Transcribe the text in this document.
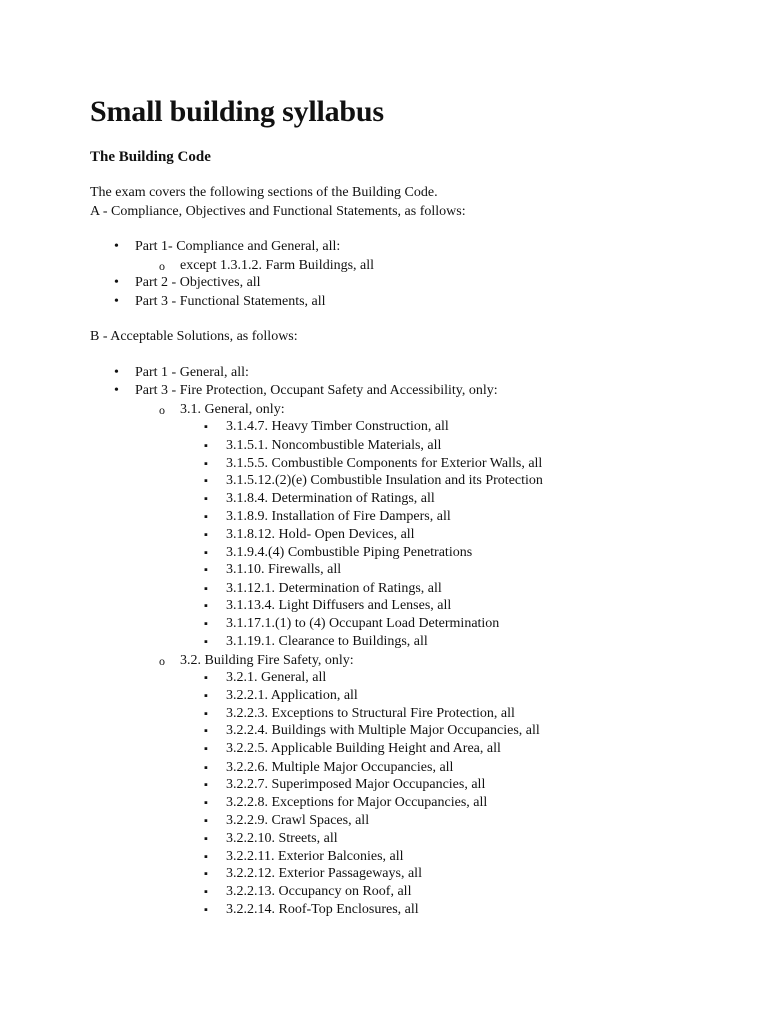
Small building syllabus
The Building Code
The exam covers the following sections of the Building Code.
A - Compliance, Objectives and Functional Statements, as follows:
•
Part 1- Compliance and General, all:
o
except 1.3.1.2. Farm Buildings, all
•
Part 2 - Objectives, all
•
Part 3 - Functional Statements, all
B - Acceptable Solutions, as follows:
•
Part 1 - General, all:
•
Part 3 - Fire Protection, Occupant Safety and Accessibility, only:
o
3.1. General, only:
▪
3.1.4.7. Heavy Timber Construction, all
▪
3.1.5.1. Noncombustible Materials, all
▪
3.1.5.5. Combustible Components for Exterior Walls, all
▪
3.1.5.12.(2)(e) Combustible Insulation and its Protection
▪
3.1.8.4. Determination of Ratings, all
▪
3.1.8.9. Installation of Fire Dampers, all
▪
3.1.8.12. Hold- Open Devices, all
▪
3.1.9.4.(4) Combustible Piping Penetrations
▪
3.1.10. Firewalls, all
▪
3.1.12.1. Determination of Ratings, all
▪
3.1.13.4. Light Diffusers and Lenses, all
▪
3.1.17.1.(1) to (4) Occupant Load Determination
▪
3.1.19.1. Clearance to Buildings, all
o
3.2. Building Fire Safety, only:
▪
3.2.1. General, all
▪
3.2.2.1. Application, all
▪
3.2.2.3. Exceptions to Structural Fire Protection, all
▪
3.2.2.4. Buildings with Multiple Major Occupancies, all
▪
3.2.2.5. Applicable Building Height and Area, all
▪
3.2.2.6. Multiple Major Occupancies, all
▪
3.2.2.7. Superimposed Major Occupancies, all
▪
3.2.2.8. Exceptions for Major Occupancies, all
▪
3.2.2.9. Crawl Spaces, all
▪
3.2.2.10. Streets, all
▪
3.2.2.11. Exterior Balconies, all
▪
3.2.2.12. Exterior Passageways, all
▪
3.2.2.13. Occupancy on Roof, all
▪
3.2.2.14. Roof-Top Enclosures, all
